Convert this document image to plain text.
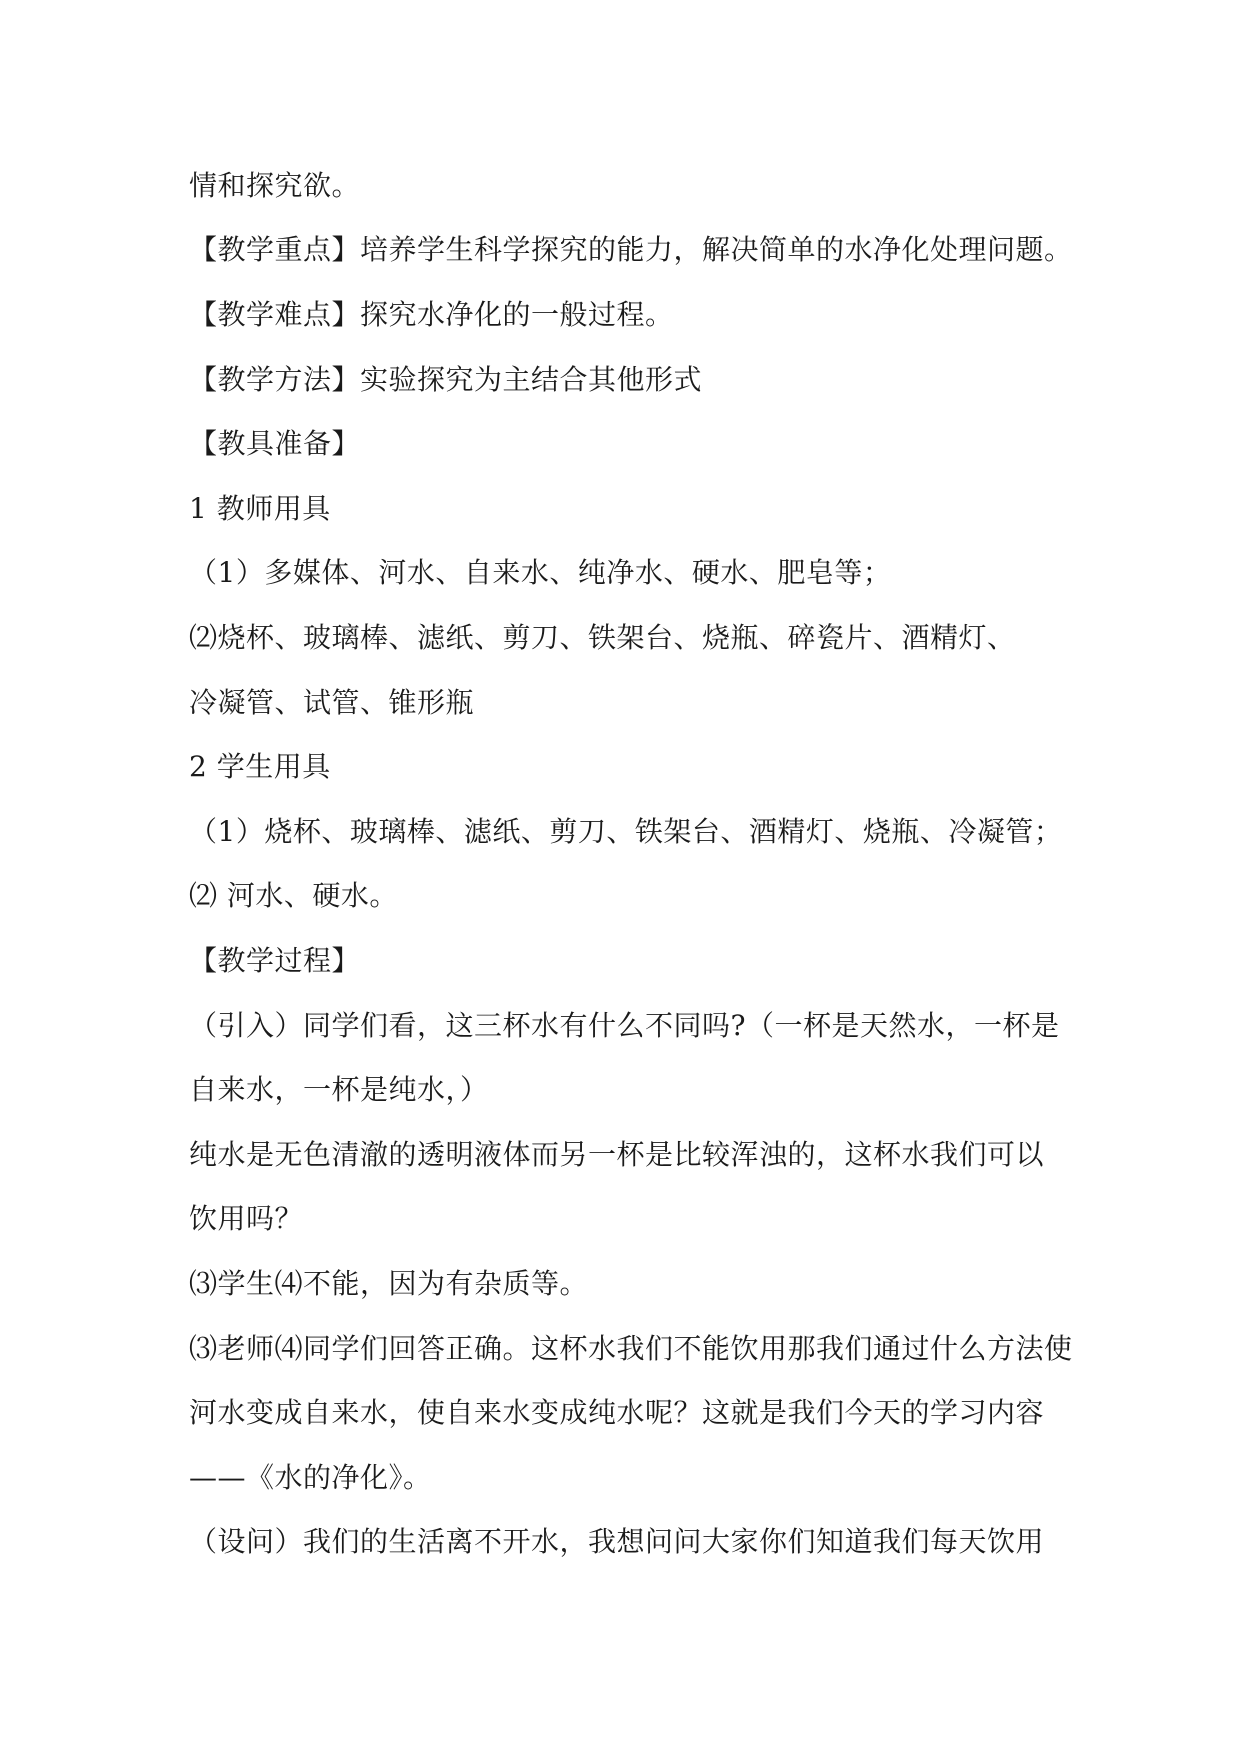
情和探究欲。
【教学重点】培养学生科学探究的能力，解决简单的水净化处理问题。
【教学难点】探究水净化的一般过程。
【教学方法】实验探究为主结合其他形式
【教具准备】
1 教师用具
（1）多媒体、河水、自来水、纯净水、硬水、肥皂等；
⑵烧杯、玻璃棒、滤纸、剪刀、铁架台、烧瓶、碎瓷片、酒精灯、
冷凝管、试管、锥形瓶
2 学生用具
（1）烧杯、玻璃棒、滤纸、剪刀、铁架台、酒精灯、烧瓶、冷凝管；
⑵ 河水、硬水。
【教学过程】
（引入）同学们看，这三杯水有什么不同吗?（一杯是天然水，一杯是
自来水，一杯是纯水，）
纯水是无色清澈的透明液体而另一杯是比较浑浊的，这杯水我们可以
饮用吗？
⑶学生⑷不能，因为有杂质等。
⑶老师⑷同学们回答正确。这杯水我们不能饮用那我们通过什么方法使
河水变成自来水，使自来水变成纯水呢？这就是我们今天的学习内容
——《水的净化》。
（设问）我们的生活离不开水，我想问问大家你们知道我们每天饮用
